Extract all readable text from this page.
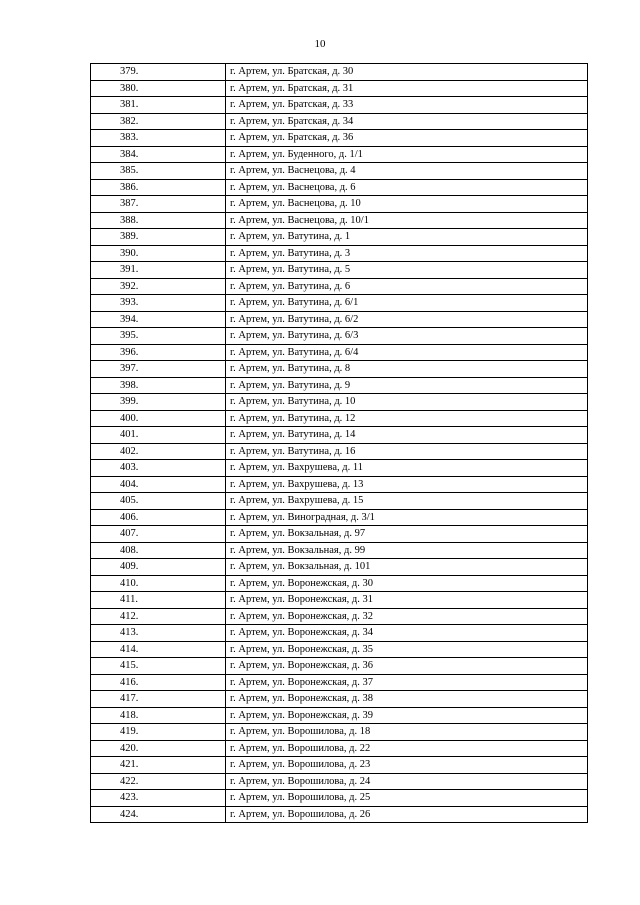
10
379.	г. Артем, ул. Братская, д. 30
380.	г. Артем, ул. Братская, д. 31
381.	г. Артем, ул. Братская, д. 33
382.	г. Артем, ул. Братская, д. 34
383.	г. Артем, ул. Братская, д. 36
384.	г. Артем, ул. Буденного, д. 1/1
385.	г. Артем, ул. Васнецова, д. 4
386.	г. Артем, ул. Васнецова, д. 6
387.	г. Артем, ул. Васнецова, д. 10
388.	г. Артем, ул. Васнецова, д. 10/1
389.	г. Артем, ул. Ватутина, д. 1
390.	г. Артем, ул. Ватутина, д. 3
391.	г. Артем, ул. Ватутина, д. 5
392.	г. Артем, ул. Ватутина, д. 6
393.	г. Артем, ул. Ватутина, д. 6/1
394.	г. Артем, ул. Ватутина, д. 6/2
395.	г. Артем, ул. Ватутина, д. 6/3
396.	г. Артем, ул. Ватутина, д. 6/4
397.	г. Артем, ул. Ватутина, д. 8
398.	г. Артем, ул. Ватутина, д. 9
399.	г. Артем, ул. Ватутина, д. 10
400.	г. Артем, ул. Ватутина, д. 12
401.	г. Артем, ул. Ватутина, д. 14
402.	г. Артем, ул. Ватутина, д. 16
403.	г. Артем, ул. Вахрушева, д. 11
404.	г. Артем, ул. Вахрушева, д. 13
405.	г. Артем, ул. Вахрушева, д. 15
406.	г. Артем, ул. Виноградная, д. 3/1
407.	г. Артем, ул. Вокзальная, д. 97
408.	г. Артем, ул. Вокзальная, д. 99
409.	г. Артем, ул. Вокзальная, д. 101
410.	г. Артем, ул. Воронежская, д. 30
411.	г. Артем, ул. Воронежская, д. 31
412.	г. Артем, ул. Воронежская, д. 32
413.	г. Артем, ул. Воронежская, д. 34
414.	г. Артем, ул. Воронежская, д. 35
415.	г. Артем, ул. Воронежская, д. 36
416.	г. Артем, ул. Воронежская, д. 37
417.	г. Артем, ул. Воронежская, д. 38
418.	г. Артем, ул. Воронежская, д. 39
419.	г. Артем, ул. Ворошилова, д. 18
420.	г. Артем, ул. Ворошилова, д. 22
421.	г. Артем, ул. Ворошилова, д. 23
422.	г. Артем, ул. Ворошилова, д. 24
423.	г. Артем, ул. Ворошилова, д. 25
424.	г. Артем, ул. Ворошилова, д. 26
